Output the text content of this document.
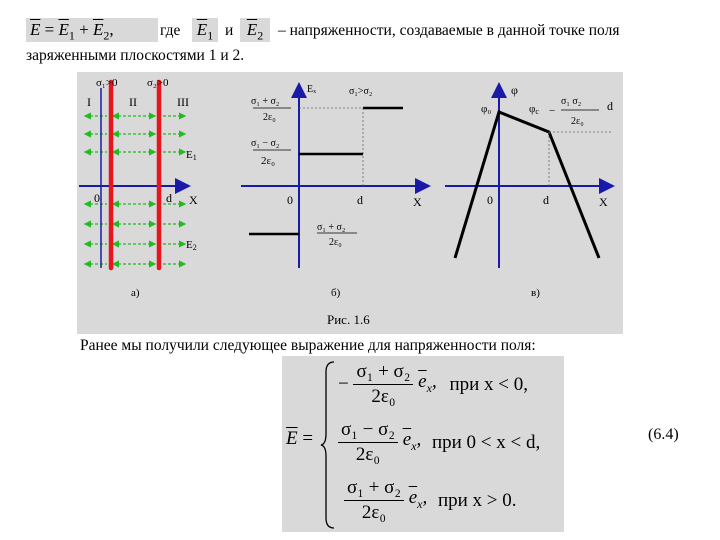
$\overline{E} = \overline{E}_1 + \overline{E}_2$,	где $\overline{E}_1$ и $\overline{E}_2$ – напряженности, создаваемые в данной точке поля
заряженными плоскостями 1 и 2.
σ₁>0	σ₂>0
I	II	III
0	d X
E1
E2
а)
Eₓ	σ₁>σ₂
σ₁ + σ₂
2ε₀
σ₁ − σ₂
2ε₀
σ₁ + σ₂
2ε₀
0	d	X
б)
φ
φ₀	φc −
σ₁ σ₂
2ε₀
d
0	d	X
в)
Рис. 1.6
Ранее мы получили следующее выражение для напряженности поля:
$\overline{E}$ =
− $\frac{\text{σ₁ + σ₂}}{\text{2ε₀}} \overline{e}_x$, при x < 0,
$\frac{\text{σ₁ − σ₂}}{\text{2ε₀}} \overline{e}_x$, при 0 < x < d,
$\frac{\text{σ₁ + σ₂}}{\text{2ε₀}} \overline{e}_x$, при x > 0.
(6.4)
